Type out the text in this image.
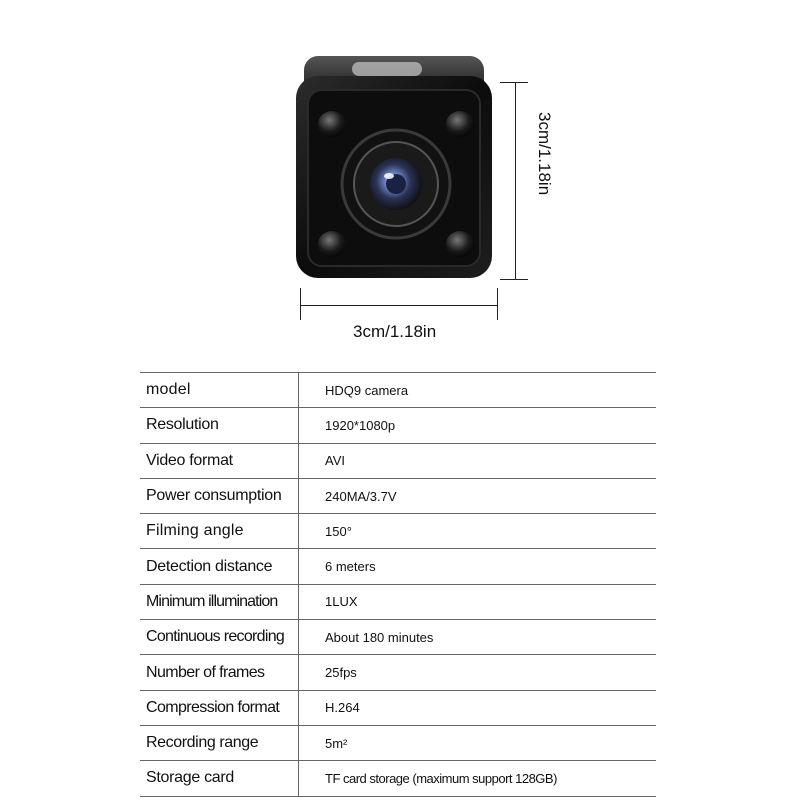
3cm/1.18in
3cm/1.18in
model	HDQ9 camera
Resolution	1920*1080p
Video format	AVI
Power consumption	240MA/3.7V
Filming angle	150°
Detection distance	6 meters
Minimum illumination	1LUX
Continuous recording	About 180 minutes
Number of frames	25fps
Compression format	H.264
Recording range	5m²
Storage card	TF card storage (maximum support 128GB)
